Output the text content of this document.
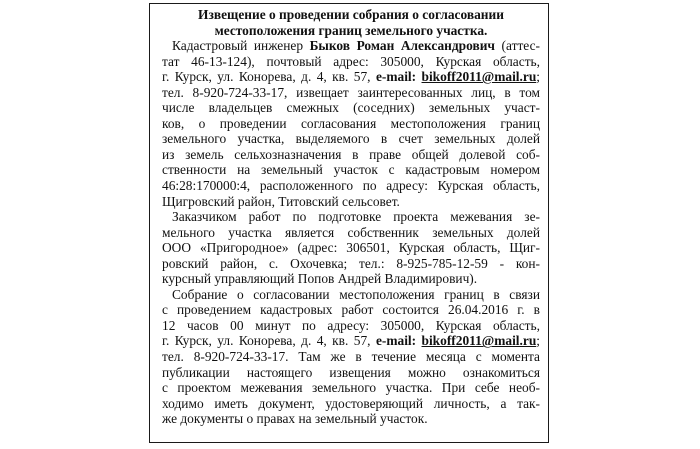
Извещение о проведении собрания о согласовании
местоположения границ земельного участка.
Кадастровый инженер Быков Роман Александрович (аттес-
тат 46-13-124), почтовый адрес: 305000, Курская область,
г. Курск, ул. Конорева, д. 4, кв. 57, e-mail: bikoff2011@mail.ru;
тел. 8-920-724-33-17, извещает заинтересованных лиц, в том
числе владельцев смежных (соседних) земельных участ-
ков, о проведении согласования местоположения границ
земельного участка, выделяемого в счет земельных долей
из земель сельхозназначения в праве общей долевой соб-
ственности на земельный участок с кадастровым номером
46:28:170000:4, расположенного по адресу: Курская область,
Щигровский район, Титовский сельсовет.
Заказчиком работ по подготовке проекта межевания зе-
мельного участка является собственник земельных долей
ООО «Пригородное» (адрес: 306501, Курская область, Щиг-
ровский район, с. Охочевка; тел.: 8-925-785-12-59 - кон-
курсный управляющий Попов Андрей Владимирович).
Собрание о согласовании местоположения границ в связи
с проведением кадастровых работ состоится 26.04.2016 г. в
12 часов 00 минут по адресу: 305000, Курская область,
г. Курск, ул. Конорева, д. 4, кв. 57, e-mail: bikoff2011@mail.ru;
тел. 8-920-724-33-17. Там же в течение месяца с момента
публикации настоящего извещения можно ознакомиться
с проектом межевания земельного участка. При себе необ-
ходимо иметь документ, удостоверяющий личность, а так-
же документы о правах на земельный участок.
